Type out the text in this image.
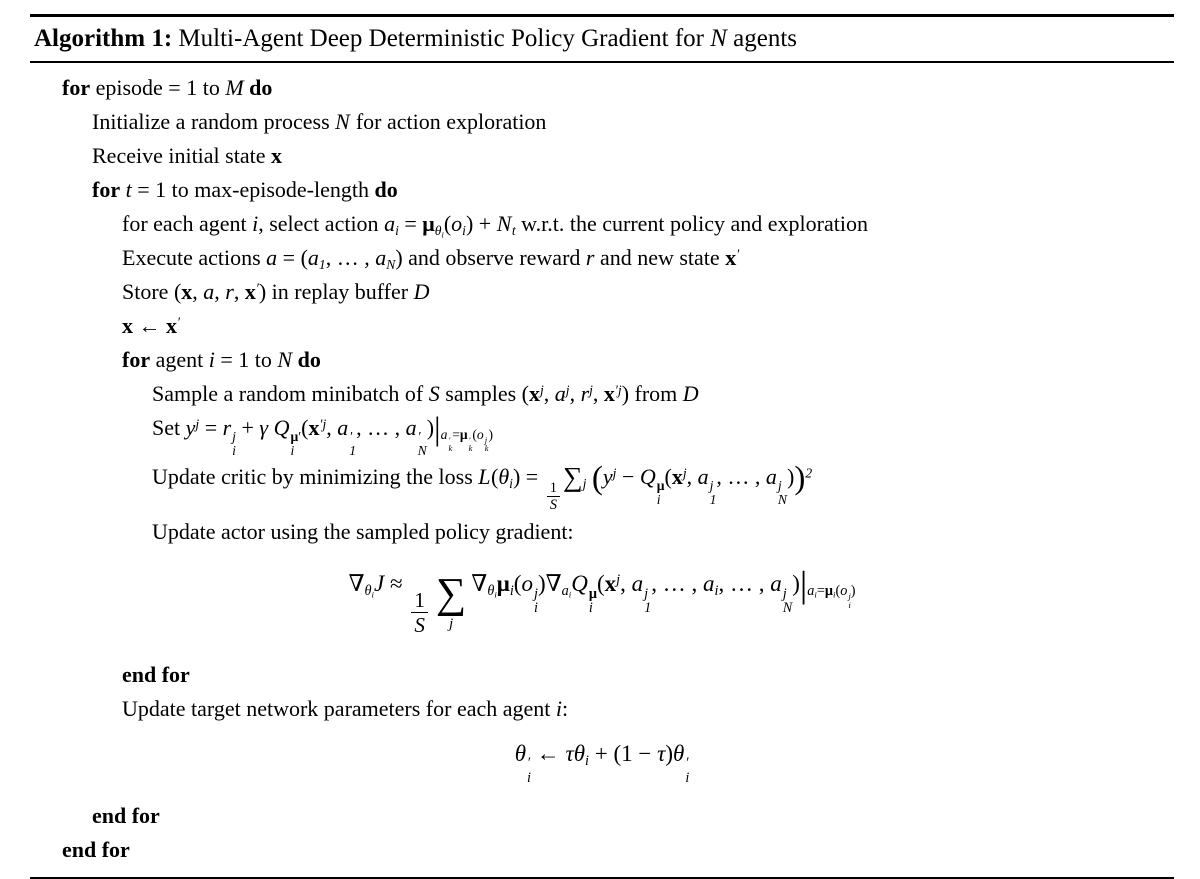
Algorithm 1: Multi-Agent Deep Deterministic Policy Gradient for N agents
for episode = 1 to M do
Initialize a random process N for action exploration
Receive initial state x
for t = 1 to max-episode-length do
for each agent i, select action $a_i = \mu_{\theta_i}(o_i) + N_t$ w.r.t. the current policy and exploration
Execute actions $a = (a_1$, … , $a_N$) and observe reward r and new state x′
Store (x, a, r, x′) in replay buffer D
x ← x′
for agent i = 1 to N do
Sample a random minibatch of S samples ($x^j$, $a^j$, $r^j$, $x^{'j}$) from D
Set $y^j = r$ j
i
+ γ Q μ′
i
($x^{'j}$, a ′
1
, … , a ′
N
)$|_{a ' k =\mu ' k (o j k )}$
Update critic by minimizing the loss $L(\theta_i)$ =
$\frac{1}{S}$
$\sum_j$ ($y^j - Q$ μ
i
($x^j$, a j
1
, … , a j
N
))$^2$
Update actor using the sampled policy gradient:
$\nabla_{\theta_i}J$ ≈
$\frac{1}{S}$ ∑
j
$\nabla_{\theta_i}\mu_i(o$ j
i
)$\nabla_{a_i}Q$ μ
i
($x^j$, a j
1
, … , $a_i$, … , a j
N
)$|_{a_i=\mu_i(o j i )}$
end for
Update target network parameters for each agent i:
θ ′
i
← $\tau\theta_i + (1 - \tau)\theta$ ′
i
end for
end for
